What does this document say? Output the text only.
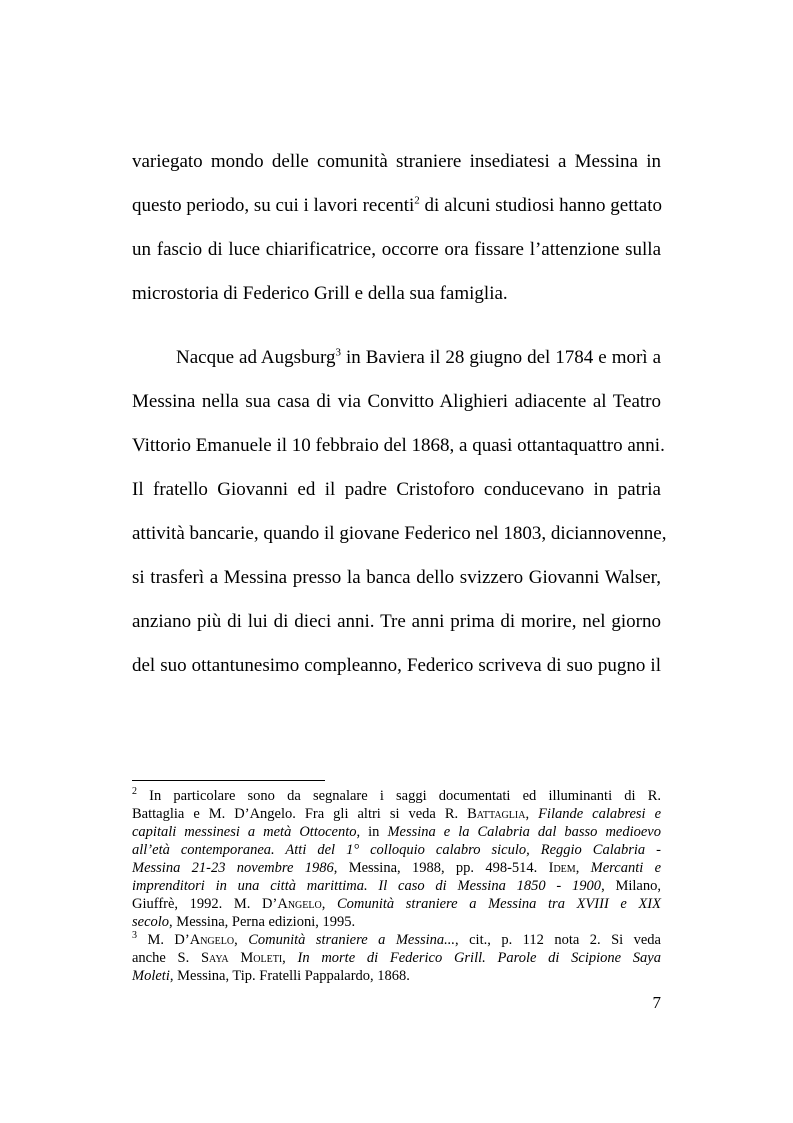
variegato mondo delle comunità straniere insediatesi a Messina in
questo periodo, su cui i lavori recenti$^2$ di alcuni studiosi hanno gettato
un fascio di luce chiarificatrice, occorre ora fissare l’attenzione sulla
microstoria di Federico Grill e della sua famiglia.
Nacque ad Augsburg$^3$ in Baviera il 28 giugno del 1784 e morì a
Messina nella sua casa di via Convitto Alighieri adiacente al Teatro
Vittorio Emanuele il 10 febbraio del 1868, a quasi ottantaquattro anni.
Il fratello Giovanni ed il padre Cristoforo conducevano in patria
attività bancarie, quando il giovane Federico nel 1803, diciannovenne,
si trasferì a Messina presso la banca dello svizzero Giovanni Walser,
anziano più di lui di dieci anni. Tre anni prima di morire, nel giorno
del suo ottantunesimo compleanno, Federico scriveva di suo pugno il
$^2$ In particolare sono da segnalare i saggi documentati ed illuminanti di R.
Battaglia e M. D’Angelo. Fra gli altri si veda R. Battaglia, Filande calabresi e
capitali messinesi a metà Ottocento, in Messina e la Calabria dal basso medioevo
all’età contemporanea. Atti del 1° colloquio calabro siculo, Reggio Calabria -
Messina 21-23 novembre 1986, Messina, 1988, pp. 498-514. Idem, Mercanti e
imprenditori in una città marittima. Il caso di Messina 1850 - 1900, Milano,
Giuffrè, 1992. M. D’Angelo, Comunità straniere a Messina tra XVIII e XIX
secolo, Messina, Perna edizioni, 1995.
$^3$ M. D’Angelo, Comunità straniere a Messina..., cit., p. 112 nota 2. Si veda
anche S. Saya Moleti, In morte di Federico Grill. Parole di Scipione Saya
Moleti, Messina, Tip. Fratelli Pappalardo, 1868.
7
